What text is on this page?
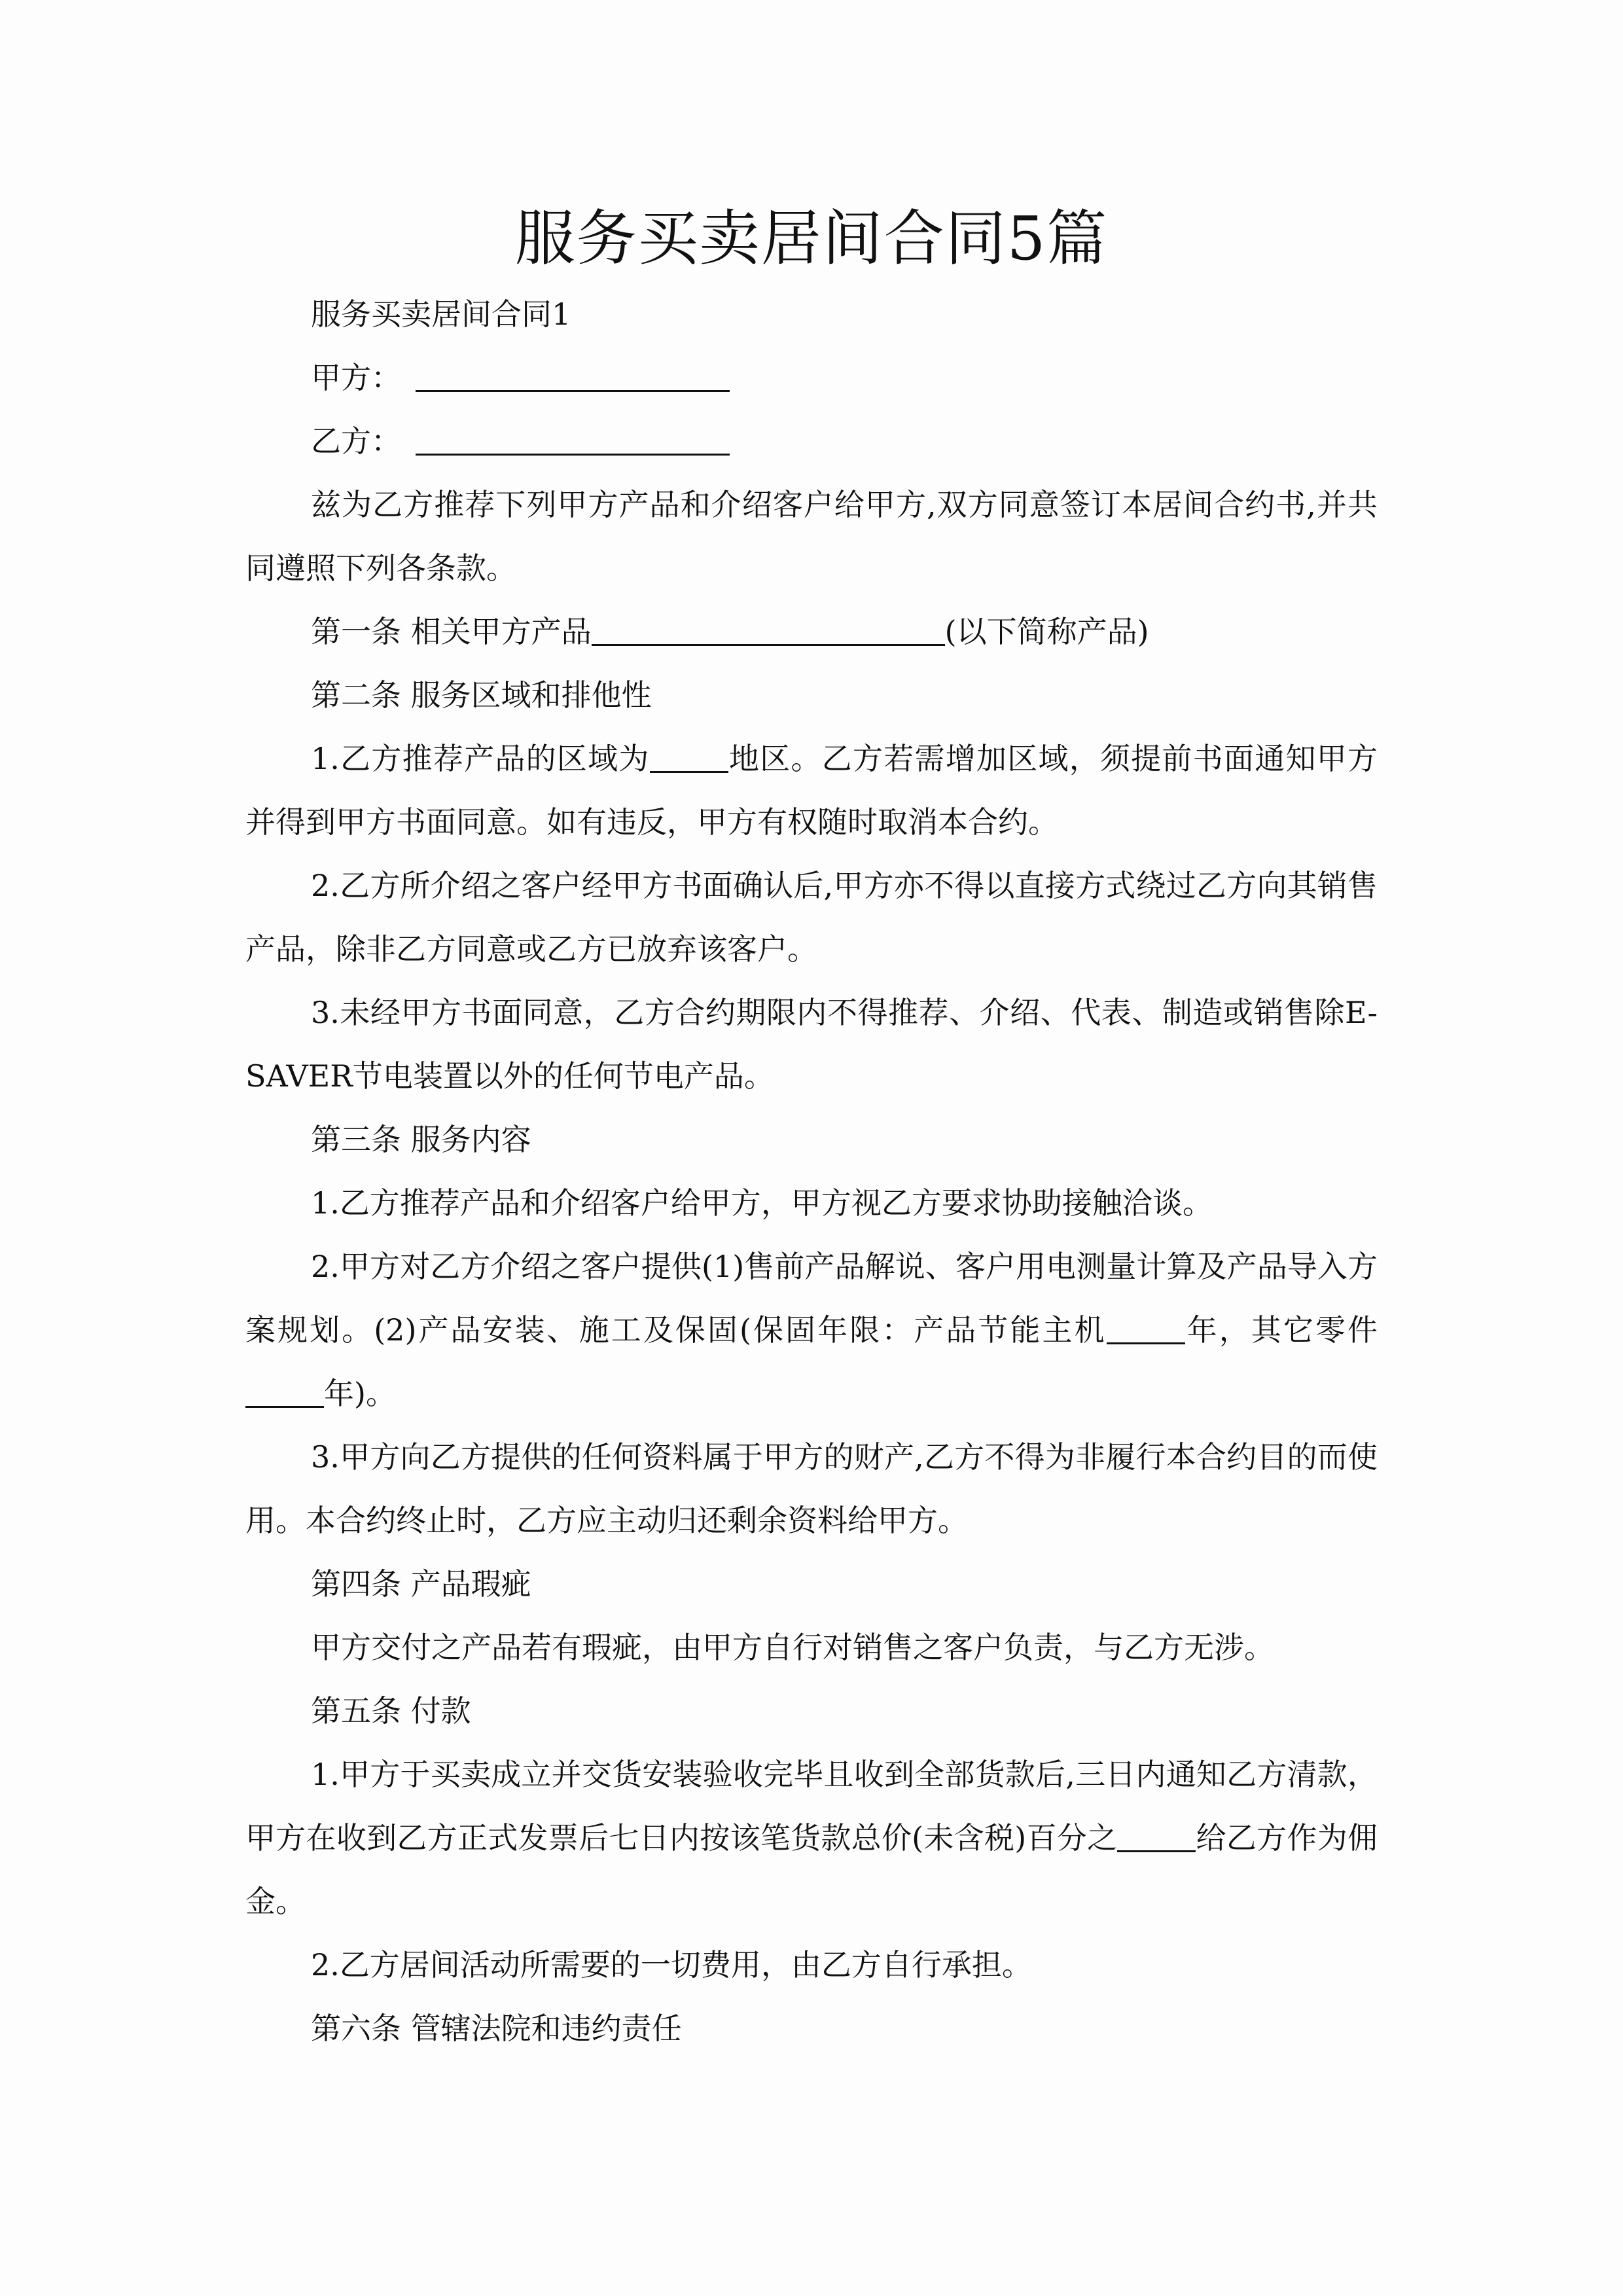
服务买卖居间合同5篇

服务买卖居间合同1

甲方：

乙方：

兹为乙方推荐下列甲方产品和介绍客户给甲方,双方同意签订本居间合约书,并共同遵照下列各条款。

第一条 相关甲方产品	(以下简称产品)

第二条 服务区域和排他性

1.乙方推荐产品的区域为	地区。乙方若需增加区域，须提前书面通知甲方并得到甲方书面同意。如有违反，甲方有权随时取消本合约。

2.乙方所介绍之客户经甲方书面确认后,甲方亦不得以直接方式绕过乙方向其销售产品，除非乙方同意或乙方已放弃该客户。

3.未经甲方书面同意，乙方合约期限内不得推荐、介绍、代表、制造或销售除E-SAVER节电装置以外的任何节电产品。

第三条 服务内容

1.乙方推荐产品和介绍客户给甲方，甲方视乙方要求协助接触洽谈。

2.甲方对乙方介绍之客户提供(1)售前产品解说、客户用电测量计算及产品导入方案规划。(2)产品安装、施工及保固(保固年限：产品节能主机	年，其它零件年)。

3.甲方向乙方提供的任何资料属于甲方的财产,乙方不得为非履行本合约目的而使用。本合约终止时，乙方应主动归还剩余资料给甲方。

第四条 产品瑕疵

甲方交付之产品若有瑕疵，由甲方自行对销售之客户负责，与乙方无涉。

第五条 付款

1.甲方于买卖成立并交货安装验收完毕且收到全部货款后,三日内通知乙方清款，甲方在收到乙方正式发票后七日内按该笔货款总价(未含税)百分之	给乙方作为佣金。

2.乙方居间活动所需要的一切费用，由乙方自行承担。

第六条 管辖法院和违约责任
